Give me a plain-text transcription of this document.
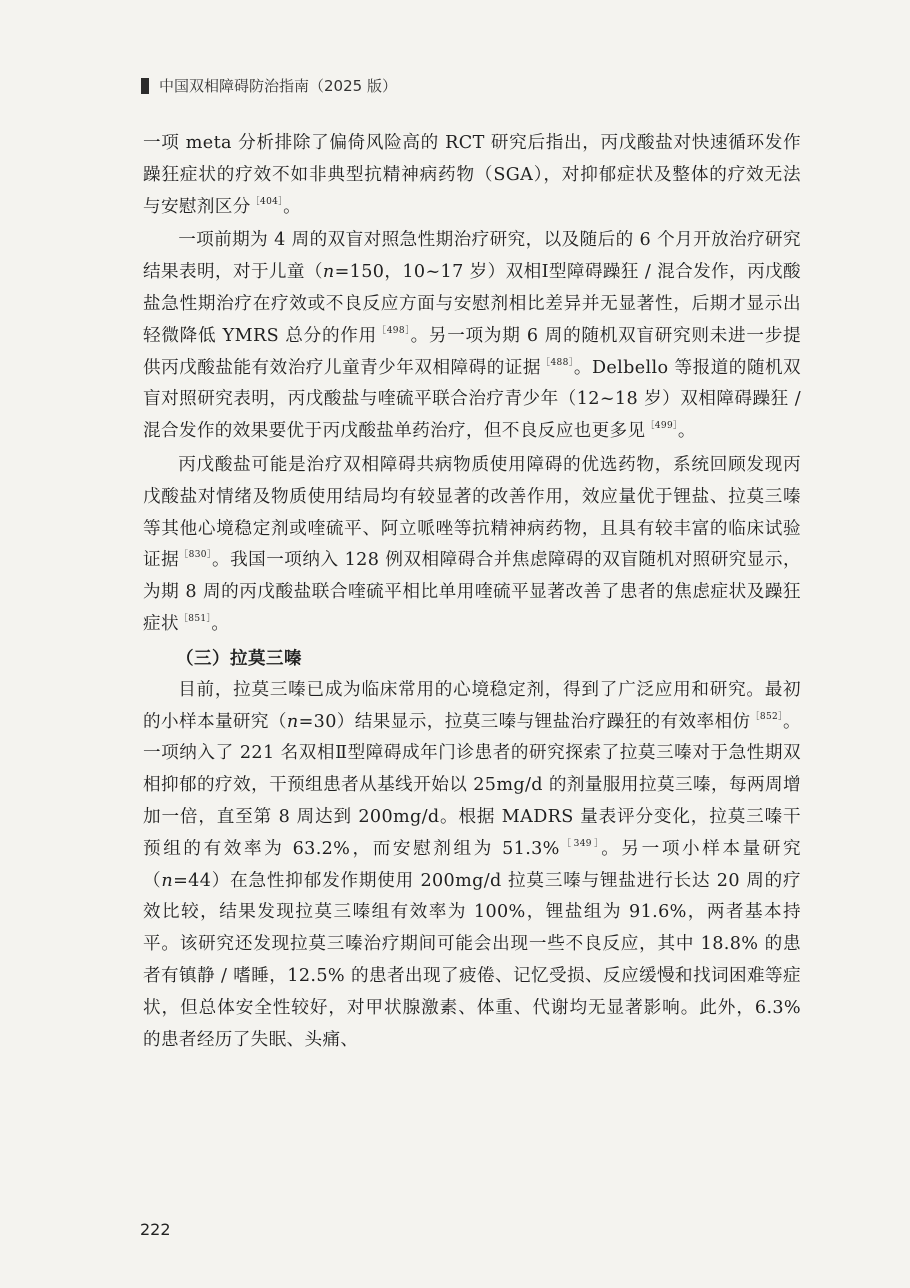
中国双相障碍防治指南（2025 版）

一项 meta 分析排除了偏倚风险高的 RCT 研究后指出，丙戊酸盐对快速循环发作躁狂症状的疗效不如非典型抗精神病药物（SGA），对抑郁症状及整体的疗效无法与安慰剂区分$^{[404]}$。

一项前期为 4 周的双盲对照急性期治疗研究，以及随后的 6 个月开放治疗研究结果表明，对于儿童（n=150，10~17 岁）双相Ⅰ型障碍躁狂 / 混合发作，丙戊酸盐急性期治疗在疗效或不良反应方面与安慰剂相比差异并无显著性，后期才显示出轻微降低 YMRS 总分的作用$^{[498]}$。另一项为期 6 周的随机双盲研究则未进一步提供丙戊酸盐能有效治疗儿童青少年双相障碍的证据$^{[488]}$。Delbello 等报道的随机双盲对照研究表明，丙戊酸盐与喹硫平联合治疗青少年（12~18 岁）双相障碍躁狂 / 混合发作的效果要优于丙戊酸盐单药治疗，但不良反应也更多见$^{[499]}$。

丙戊酸盐可能是治疗双相障碍共病物质使用障碍的优选药物，系统回顾发现丙戊酸盐对情绪及物质使用结局均有较显著的改善作用，效应量优于锂盐、拉莫三嗪等其他心境稳定剂或喹硫平、阿立哌唑等抗精神病药物，且具有较丰富的临床试验证据$^{[830]}$。我国一项纳入 128 例双相障碍合并焦虑障碍的双盲随机对照研究显示，为期 8 周的丙戊酸盐联合喹硫平相比单用喹硫平显著改善了患者的焦虑症状及躁狂症状$^{[851]}$。

（三）拉莫三嗪

目前，拉莫三嗪已成为临床常用的心境稳定剂，得到了广泛应用和研究。最初的小样本量研究（n=30）结果显示，拉莫三嗪与锂盐治疗躁狂的有效率相仿$^{[852]}$。一项纳入了 221 名双相Ⅱ型障碍成年门诊患者的研究探索了拉莫三嗪对于急性期双相抑郁的疗效，干预组患者从基线开始以 25mg/d 的剂量服用拉莫三嗪，每两周增加一倍，直至第 8 周达到 200mg/d。根据 MADRS 量表评分变化，拉莫三嗪干预组的有效率为 63.2%，而安慰剂组为 51.3%$^{[349]}$。另一项小样本量研究（n=44）在急性抑郁发作期使用 200mg/d 拉莫三嗪与锂盐进行长达 20 周的疗效比较，结果发现拉莫三嗪组有效率为 100%，锂盐组为 91.6%，两者基本持平。该研究还发现拉莫三嗪治疗期间可能会出现一些不良反应，其中 18.8% 的患者有镇静 / 嗜睡，12.5% 的患者出现了疲倦、记忆受损、反应缓慢和找词困难等症状，但总体安全性较好，对甲状腺激素、体重、代谢均无显著影响。此外，6.3% 的患者经历了失眠、头痛、

222
